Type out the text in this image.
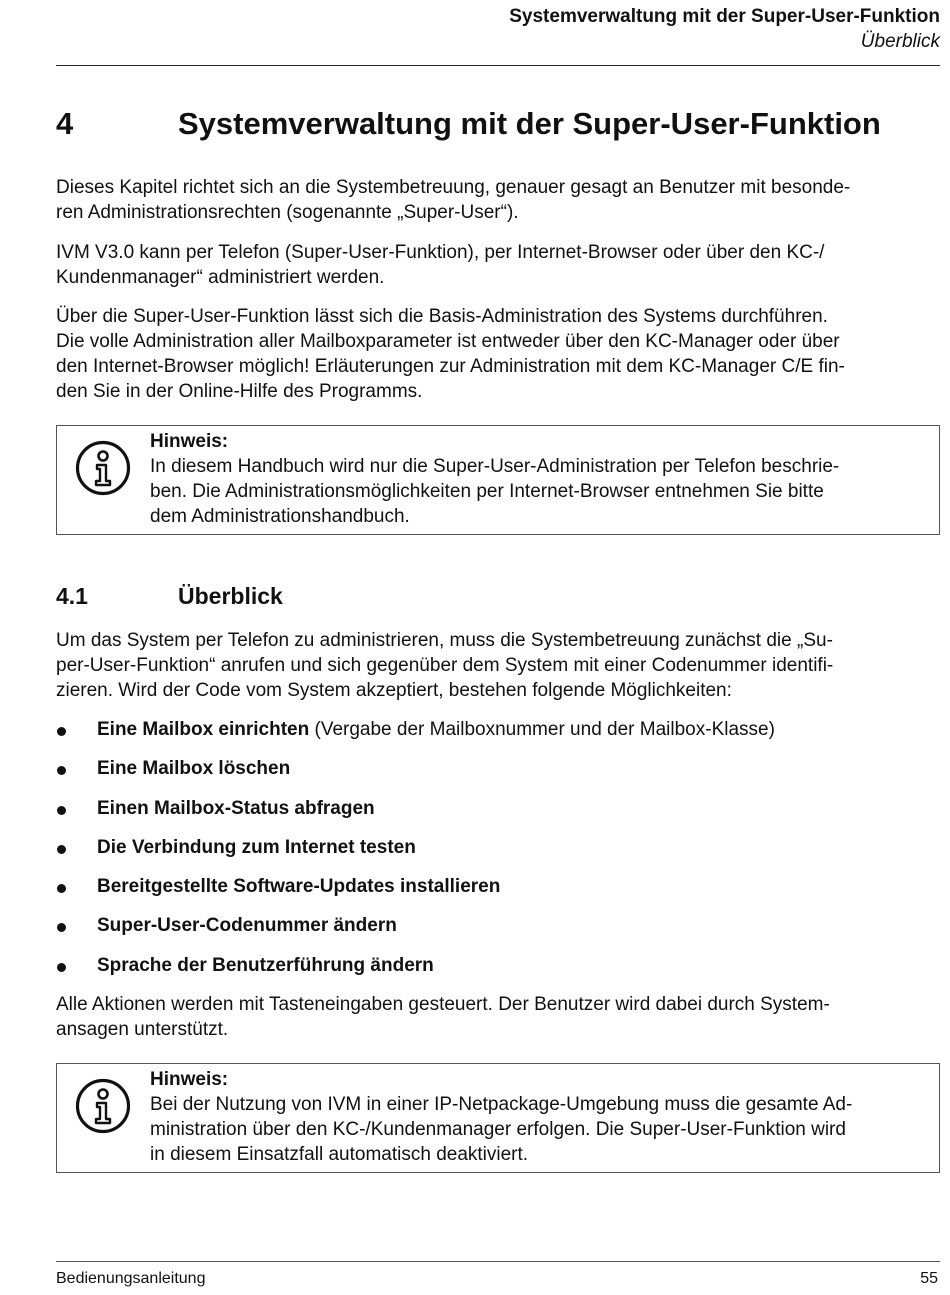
Systemverwaltung mit der Super-User-Funktion
Überblick
4	Systemverwaltung mit der Super-User-Funktion
Dieses Kapitel richtet sich an die Systembetreuung, genauer gesagt an Benutzer mit besonde-
ren Administrationsrechten (sogenannte „Super-User“).
IVM V3.0 kann per Telefon (Super-User-Funktion), per Internet-Browser oder über den KC-/
Kundenmanager“ administriert werden.
Über die Super-User-Funktion lässt sich die Basis-Administration des Systems durchführen.
Die volle Administration aller Mailboxparameter ist entweder über den KC-Manager oder über
den Internet-Browser möglich! Erläuterungen zur Administration mit dem KC-Manager C/E fin-
den Sie in der Online-Hilfe des Programms.
Hinweis:
In diesem Handbuch wird nur die Super-User-Administration per Telefon beschrie-
ben. Die Administrationsmöglichkeiten per Internet-Browser entnehmen Sie bitte
dem Administrationshandbuch.
4.1	Überblick
Um das System per Telefon zu administrieren, muss die Systembetreuung zunächst die „Su-
per-User-Funktion“ anrufen und sich gegenüber dem System mit einer Codenummer identifi-
zieren. Wird der Code vom System akzeptiert, bestehen folgende Möglichkeiten:
Eine Mailbox einrichten (Vergabe der Mailboxnummer und der Mailbox-Klasse)
Eine Mailbox löschen
Einen Mailbox-Status abfragen
Die Verbindung zum Internet testen
Bereitgestellte Software-Updates installieren
Super-User-Codenummer ändern
Sprache der Benutzerführung ändern
Alle Aktionen werden mit Tasteneingaben gesteuert. Der Benutzer wird dabei durch System-
ansagen unterstützt.
Hinweis:
Bei der Nutzung von IVM in einer IP-Netpackage-Umgebung muss die gesamte Ad-
ministration über den KC-/Kundenmanager erfolgen. Die Super-User-Funktion wird
in diesem Einsatzfall automatisch deaktiviert.
Bedienungsanleitung	55
